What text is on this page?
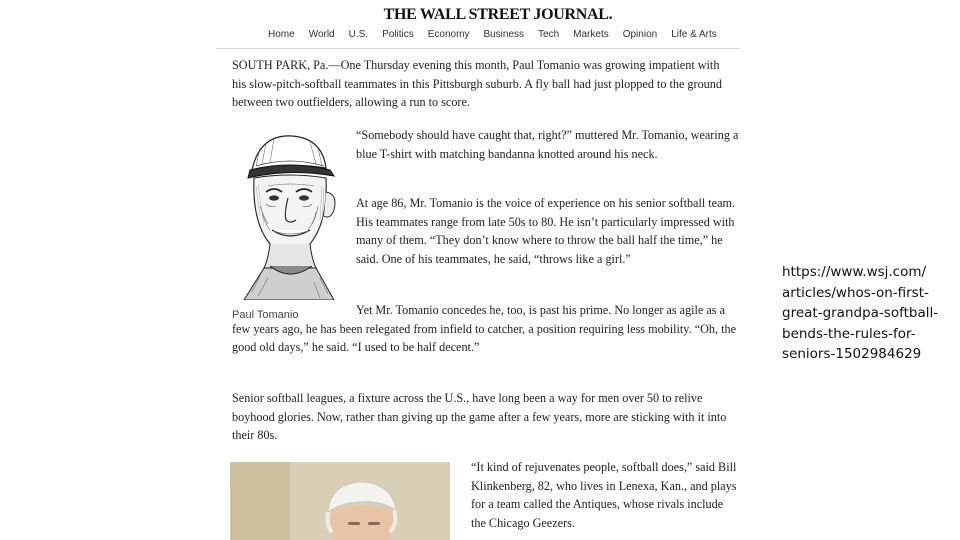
THE WALL STREET JOURNAL.
Home World U.S. Politics Economy Business Tech Markets Opinion Life & Arts

SOUTH PARK, Pa.—One Thursday evening this month, Paul Tomanio was growing impatient with his slow-pitch-softball teammates in this Pittsburgh suburb. A fly ball had just plopped to the ground between two outfielders, allowing a run to score.

Paul Tomanio

“Somebody should have caught that, right?” muttered Mr. Tomanio, wearing a blue T-shirt with matching bandanna knotted around his neck.

At age 86, Mr. Tomanio is the voice of experience on his senior softball team. His teammates range from late 50s to 80. He isn’t particularly impressed with many of them. “They don’t know where to throw the ball half the time,” he said. One of his teammates, he said, “throws like a girl.”

Yet Mr. Tomanio concedes he, too, is past his prime. No longer as agile as a few years ago, he has been relegated from infield to catcher, a position requiring less mobility. “Oh, the good old days,” he said. “I used to be half decent.”

Senior softball leagues, a fixture across the U.S., have long been a way for men over 50 to relive boyhood glories. Now, rather than giving up the game after a few years, more are sticking with it into their 80s.

“It kind of rejuvenates people, softball does,” said Bill Klinkenberg, 82, who lives in Lenexa, Kan., and plays for a team called the Antiques, whose rivals include the Chicago Geezers.

https://www.wsj.com/
articles/whos-on-first-
great-grandpa-softball-
bends-the-rules-for-
seniors-1502984629
